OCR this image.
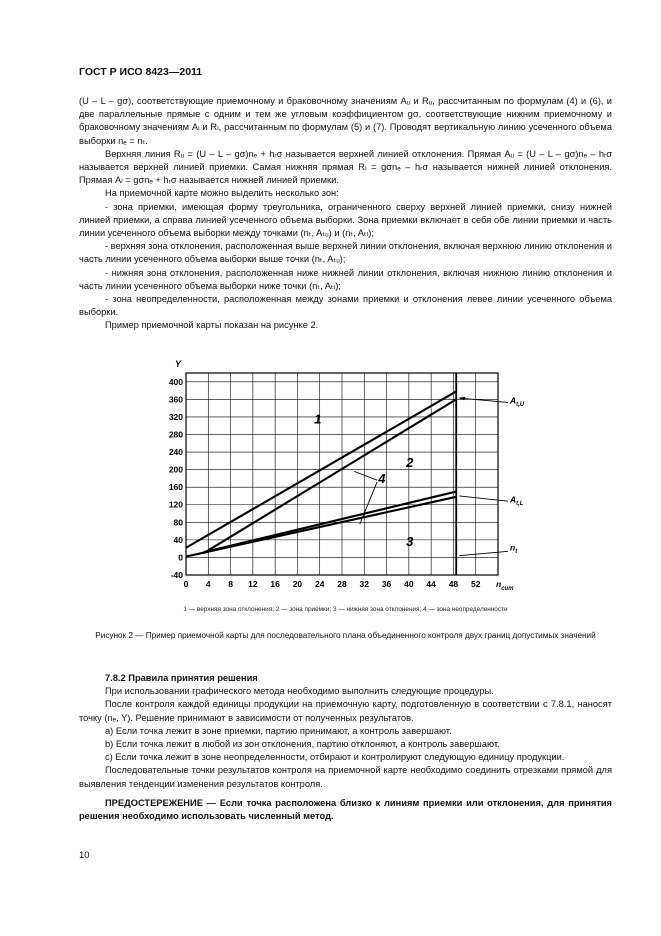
ГОСТ Р ИСО 8423—2011

(U – L – gσ), соответствующие приемочному и браковочному значениям Aᵤ и Rᵤ, рассчитанным по формулам (4) и (6), и две параллельные прямые с одним и тем же угловым коэффициентом gσ, соответствующие нижним приемочному и браковочному значениям Aₗ и Rₗ, рассчитанным по формулам (5) и (7). Проводят вертикальную линию усеченного объема выборки nₑ = nₜ.

Верхняя линия Rᵤ = (U – L – gσ)nₑ + hᵣσ называется верхней линией отклонения. Прямая Aᵤ = (U – L – gσ)nₑ – hᵣσ называется верхней линией приемки. Самая нижняя прямая Rₗ = gσnₑ – hᵣσ называется нижней линией отклонения. Прямая Aₗ = gσnₑ + hᵣσ называется нижней линией приемки.

На приемочной карте можно выделить несколько зон:

- зона приемки, имеющая форму треугольника, ограниченного сверху верхней линией приемки, снизу нижней линией приемки, а справа линией усеченного объема выборки. Зона приемки включает в себя обе линии приемки и часть линии усеченного объема выборки между точками (nₜ, Aₜᵤ) и (nₜ, Aₜₗ);

- верхняя зона отклонения, расположенная выше верхней линии отклонения, включая верхнюю линию отклонения и часть линии усеченного объема выборки выше точки (nₜ, Aₜᵤ);

- нижняя зона отклонения, расположенная ниже нижней линии отклонения, включая нижнюю линию отклонения и часть линии усеченного объема выборки ниже точки (nₜ, Aₜₗ);

- зона неопределенности, расположенная между зонами приемки и отклонения левее линии усеченного объема выборки.

Пример приемочной карты показан на рисунке 2.

0 4 8 12 16 20 24 28 32 36 40 44 48 52
-40
0
40
80
120
160
200
240
280
320
360
400
Y
$n_{cum}$
1
2
3
4
$A_{t,U}$
$A_{t,L}$
$n_t$
1 — верхняя зона отклонения; 2 — зона приемки; 3 — нижняя зона отклонения; 4 — зона неопределенности
Рисунок 2 — Пример приемочной карты для последовательного плана объединенного контроля двух границ допустимых значений

7.8.2 Правила принятия решения

При использовании графического метода необходимо выполнить следующие процедуры.

После контроля каждой единицы продукции на приемочную карту, подготовленную в соответствии с 7.8.1, наносят точку (nₑ, Y). Решение принимают в зависимости от полученных результатов.

a) Если точка лежит в зоне приемки, партию принимают, а контроль завершают.

b) Если точка лежит в любой из зон отклонения, партию отклоняют, а контроль завершают.

c) Если точка лежит в зоне неопределенности, отбирают и контролируют следующую единицу продукции.

Последовательные точки результатов контроля на приемочной карте необходимо соединить отрезками прямой для выявления тенденции изменения результатов контроля.

ПРЕДОСТЕРЕЖЕНИЕ — Если точка расположена близко к линиям приемки или отклонения, для принятия решения необходимо использовать численный метод.

10
